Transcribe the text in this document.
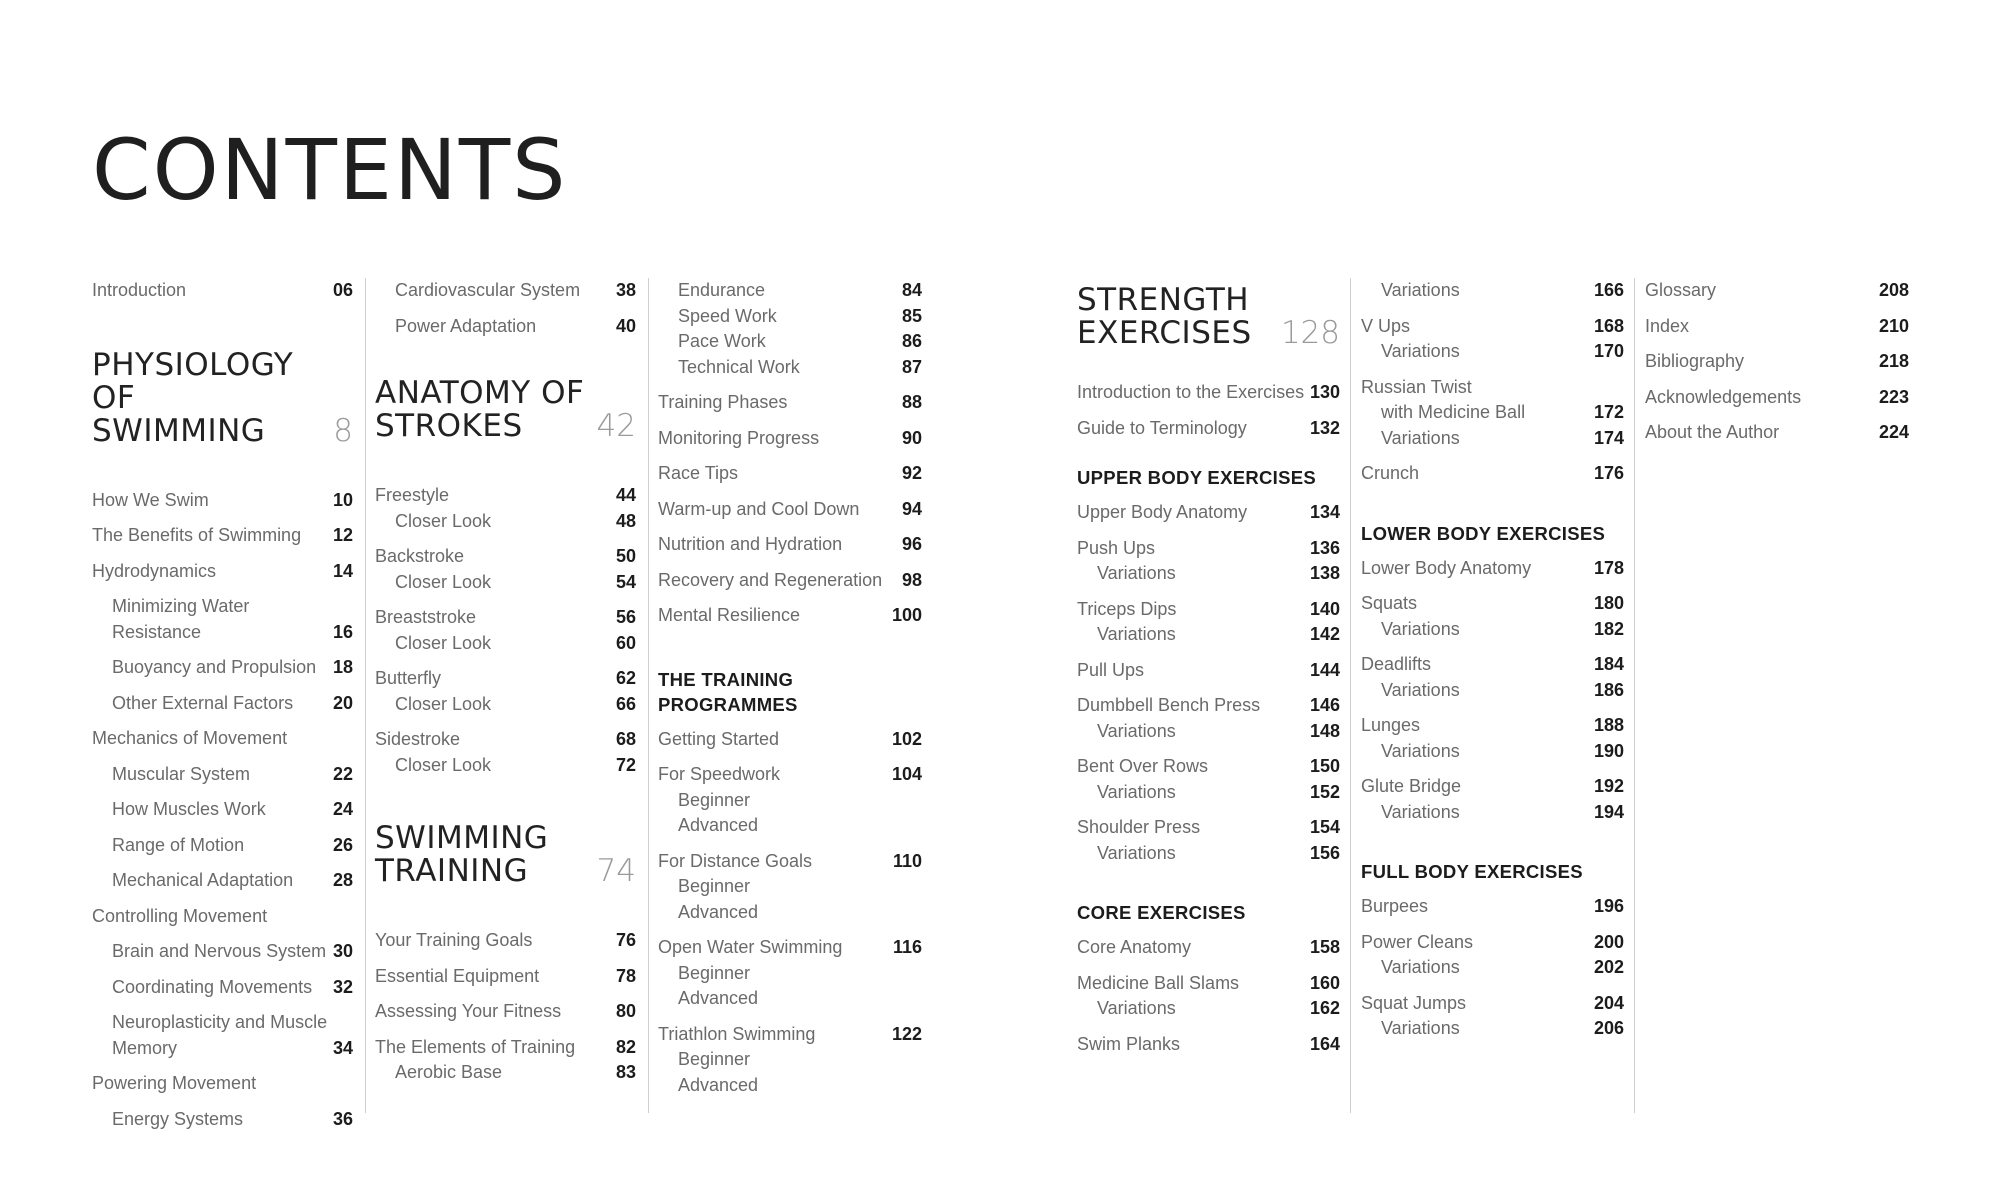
CONTENTS
Introduction	06
PHYSIOLOGY OF
SWIMMING	8
How We Swim	10
The Benefits of Swimming 12
Hydrodynamics	14
Minimizing Water
Resistance	16
Buoyancy and Propulsion 18
Other External Factors 20
Mechanics of Movement
Muscular System	22
How Muscles Work	24
Range of Motion	26
Mechanical Adaptation 28
Controlling Movement
Brain and Nervous System 30
Coordinating Movements 32
Neuroplasticity and Muscle
Memory	34
Powering Movement
Energy Systems	36
Cardiovascular System 38
Power Adaptation	40
ANATOMY OF
STROKES	42
Freestyle	44
Closer Look	48
Backstroke	50
Closer Look	54
Breaststroke	56
Closer Look	60
Butterfly	62
Closer Look	66
Sidestroke	68
Closer Look	72
SWIMMING
TRAINING	74
Your Training Goals	76
Essential Equipment	78
Assessing Your Fitness	80
The Elements of Training 82
Aerobic Base	83
Endurance	84
Speed Work	85
Pace Work	86
Technical Work	87
Training Phases	88
Monitoring Progress	90
Race Tips	92
Warm-up and Cool Down 94
Nutrition and Hydration	96
Recovery and Regeneration 98
Mental Resilience	100
THE TRAINING
PROGRAMMES
Getting Started	102
For Speedwork	104
Beginner
Advanced
For Distance Goals	110
Beginner
Advanced
Open Water Swimming	116
Beginner
Advanced
Triathlon Swimming	122
Beginner
Advanced
STRENGTH
EXERCISES 128
Introduction to the Exercises 130
Guide to Terminology	132
UPPER BODY EXERCISES
Upper Body Anatomy	134
Push Ups	136
Variations	138
Triceps Dips	140
Variations	142
Pull Ups	144
Dumbbell Bench Press	146
Variations	148
Bent Over Rows	150
Variations	152
Shoulder Press	154
Variations	156
CORE EXERCISES
Core Anatomy	158
Medicine Ball Slams	160
Variations	162
Swim Planks	164
Variations	166
V Ups	168
Variations	170
Russian Twist
with Medicine Ball	172
Variations	174
Crunch	176
LOWER BODY EXERCISES
Lower Body Anatomy	178
Squats	180
Variations	182
Deadlifts	184
Variations	186
Lunges	188
Variations	190
Glute Bridge	192
Variations	194
FULL BODY EXERCISES
Burpees	196
Power Cleans	200
Variations	202
Squat Jumps	204
Variations	206
Glossary	208
Index	210
Bibliography	218
Acknowledgements	223
About the Author	224
